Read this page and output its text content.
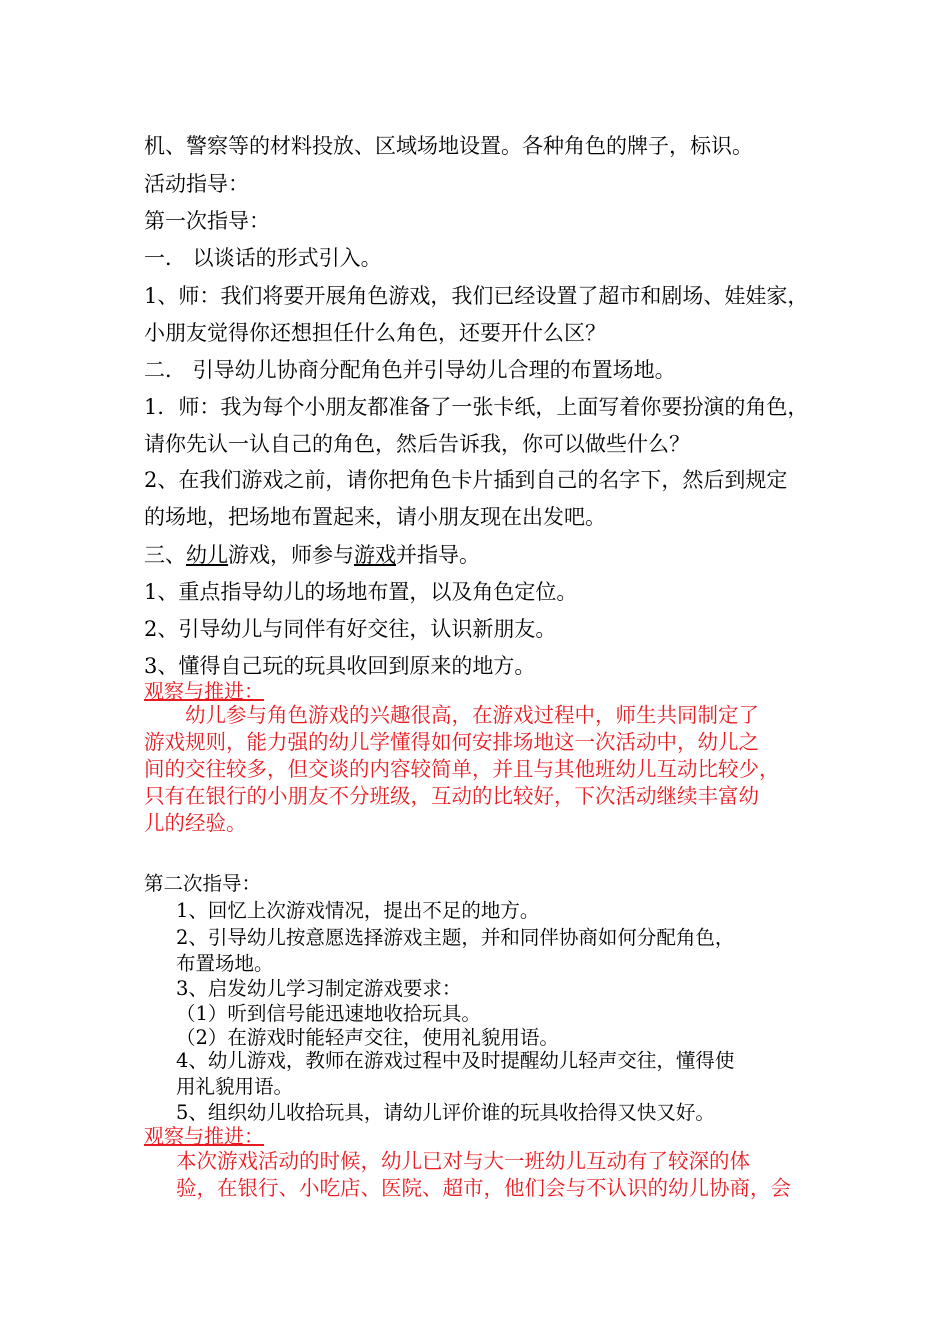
机、警察等的材料投放、区域场地设置。各种角色的牌子，标识。
活动指导：
第一次指导：
一． 以谈话的形式引入。
1、师：我们将要开展角色游戏，我们已经设置了超市和剧场、娃娃家，
小朋友觉得你还想担任什么角色，还要开什么区？
二． 引导幼儿协商分配角色并引导幼儿合理的布置场地。
1．师：我为每个小朋友都准备了一张卡纸，上面写着你要扮演的角色，
请你先认一认自己的角色，然后告诉我，你可以做些什么？
2、在我们游戏之前，请你把角色卡片插到自己的名字下，然后到规定
的场地，把场地布置起来，请小朋友现在出发吧。
三、幼儿游戏，师参与游戏并指导。
1、重点指导幼儿的场地布置，以及角色定位。
2、引导幼儿与同伴有好交往，认识新朋友。
3、懂得自己玩的玩具收回到原来的地方。
观察与推进：
　　幼儿参与角色游戏的兴趣很高，在游戏过程中，师生共同制定了
游戏规则，能力强的幼儿学懂得如何安排场地这一次活动中，幼儿之
间的交往较多，但交谈的内容较简单，并且与其他班幼儿互动比较少，
只有在银行的小朋友不分班级，互动的比较好，下次活动继续丰富幼
儿的经验。
第二次指导：
1、回忆上次游戏情况，提出不足的地方。
2、引导幼儿按意愿选择游戏主题，并和同伴协商如何分配角色，
布置场地。
3、启发幼儿学习制定游戏要求：
（1）听到信号能迅速地收拾玩具。
（2）在游戏时能轻声交往，使用礼貌用语。
4、幼儿游戏，教师在游戏过程中及时提醒幼儿轻声交往，懂得使
用礼貌用语。
5、组织幼儿收拾玩具，请幼儿评价谁的玩具收拾得又快又好。
观察与推进：
本次游戏活动的时候，幼儿已对与大一班幼儿互动有了较深的体
验，在银行、小吃店、医院、超市，他们会与不认识的幼儿协商，会
